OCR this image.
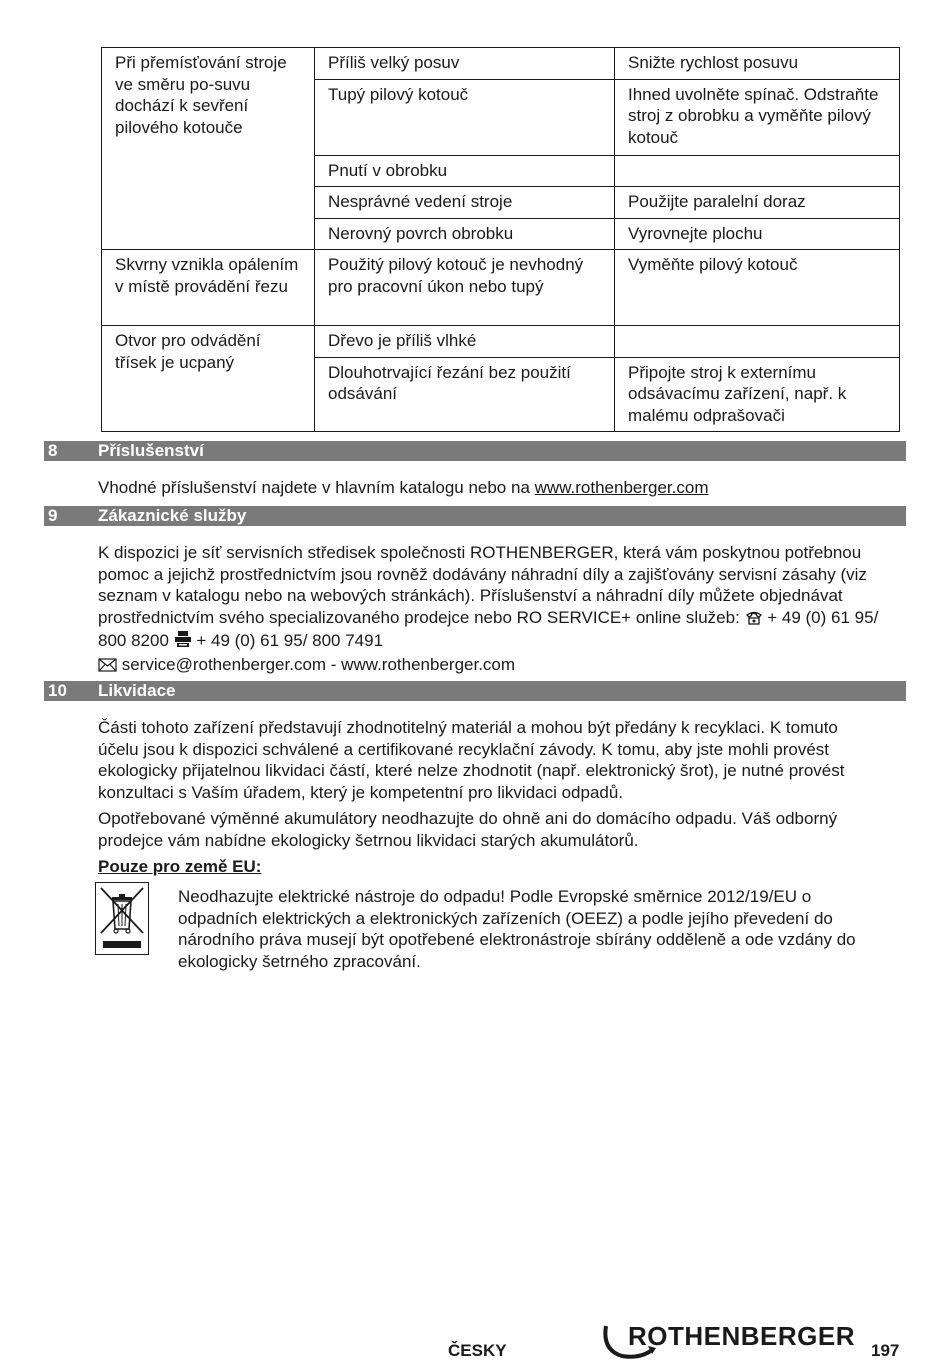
Při přemísťování stroje ve směru po-suvu dochází k sevření pilového kotouče	Příliš velký posuv	Snižte rychlost posuvu
	Tupý pilový kotouč	Ihned uvolněte spínač. Odstraňte stroj z obrobku a vyměňte pilový kotouč
	Pnutí v obrobku	
	Nesprávné vedení stroje	Použijte paralelní doraz
	Nerovný povrch obrobku	Vyrovnejte plochu
Skvrny vznikla opálením v místě provádění řezu	Použitý pilový kotouč je nevhodný pro pracovní úkon nebo tupý	Vyměňte pilový kotouč
Otvor pro odvádění třísek je ucpaný	Dřevo je příliš vlhké	
	Dlouhotrvající řezání bez použití odsávání	Připojte stroj k externímu odsávacímu zařízení, např. k malému odprašovači
8 Příslušenství
Vhodné příslušenství najdete v hlavním katalogu nebo na www.rothenberger.com
9 Zákaznické služby
K dispozici je síť servisních středisek společnosti ROTHENBERGER, která vám poskytnou potřebnou pomoc a jejichž prostřednictvím jsou rovněž dodávány náhradní díly a zajišťovány servisní zásahy (viz seznam v katalogu nebo na webových stránkách). Příslušenství a náhradní díly můžete objednávat prostřednictvím svého specializovaného prodejce nebo RO SERVICE+ online služeb:  + 49 (0) 61 95/ 800 8200  + 49 (0) 61 95/ 800 7491
service@rothenberger.com - www.rothenberger.com
10 Likvidace

Části tohoto zařízení představují zhodnotitelný materiál a mohou být předány k recyklaci. K tomuto účelu jsou k dispozici schválené a certifikované recyklační závody. K tomu, aby jste mohli provést ekologicky přijatelnou likvidaci částí, které nelze zhodnotit (např. elektronický šrot), je nutné provést konzultaci s Vaším úřadem, který je kompetentní pro likvidaci odpadů.

Opotřebované výměnné akumulátory neodhazujte do ohně ani do domácího odpadu. Váš odborný prodejce vám nabídne ekologicky šetrnou likvidaci starých akumulátorů.

Pouze pro země EU:
Neodhazujte elektrické nástroje do odpadu! Podle Evropské směrnice 2012/19/EU o odpadních elektrických a elektronických zařízeních (OEEZ) a podle jejího převedení do národního práva musejí být opotřebené elektronástroje sbírány odděleně a ode vzdány do ekologicky šetrného zpracování.
ČESKY	ROTHENBERGER 197
